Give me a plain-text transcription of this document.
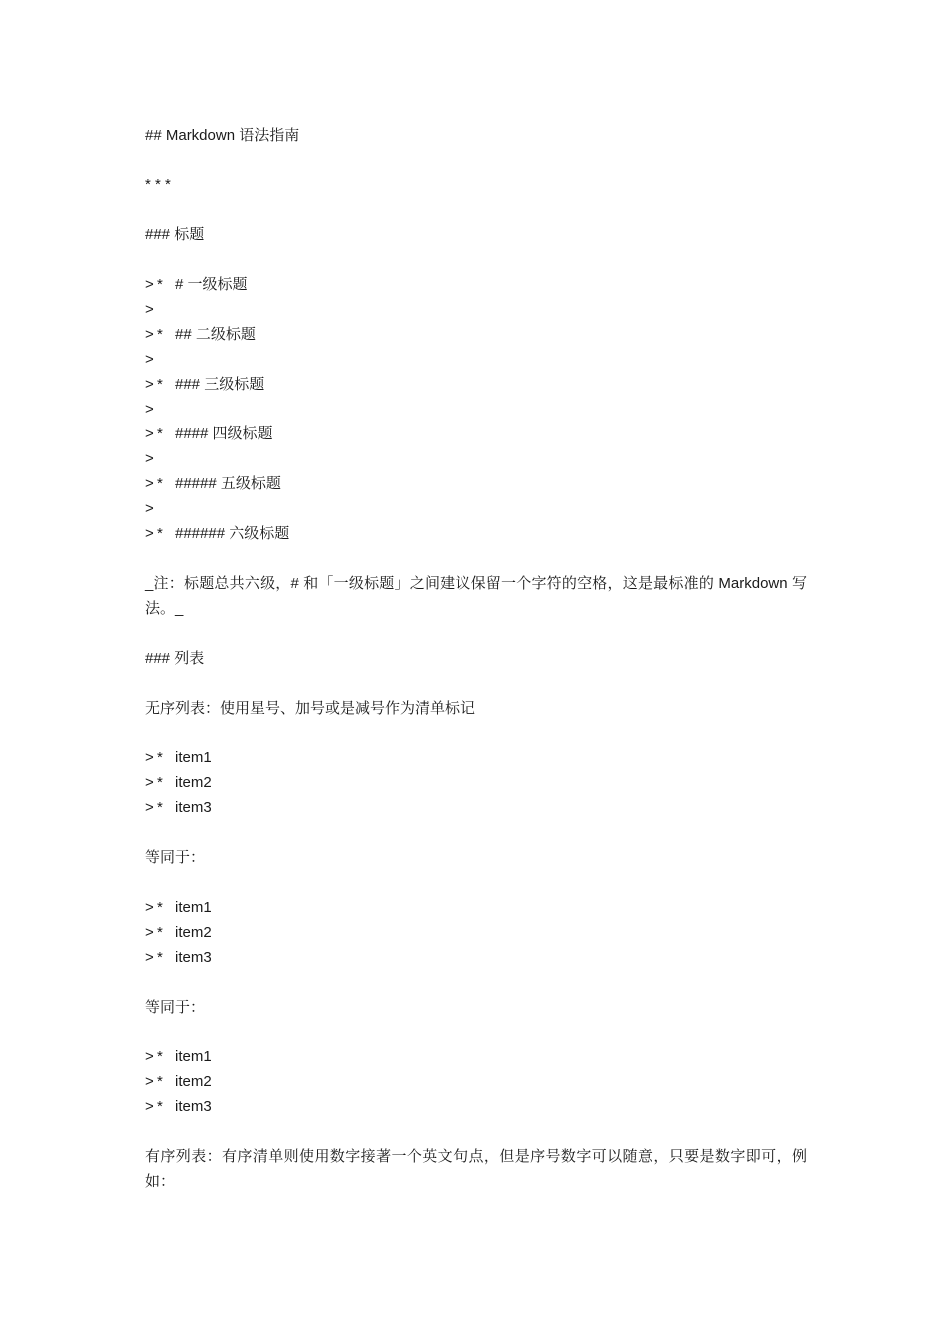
## Markdown 语法指南
* * *
### 标题
> * # 一级标题
>
> * ## 二级标题
>
> * ### 三级标题
>
> * #### 四级标题
>
> * ##### 五级标题
>
> * ###### 六级标题
_注：标题总共六级，# 和「一级标题」之间建议保留一个字符的空格，这是最标准的 Markdown 写法。_
### 列表
无序列表：使用星号、加号或是减号作为清单标记
> * item1
> * item2
> * item3
等同于：
> * item1
> * item2
> * item3
等同于：
> * item1
> * item2
> * item3
有序列表：有序清单则使用数字接著一个英文句点，但是序号数字可以随意，只要是数字即可，例如：
